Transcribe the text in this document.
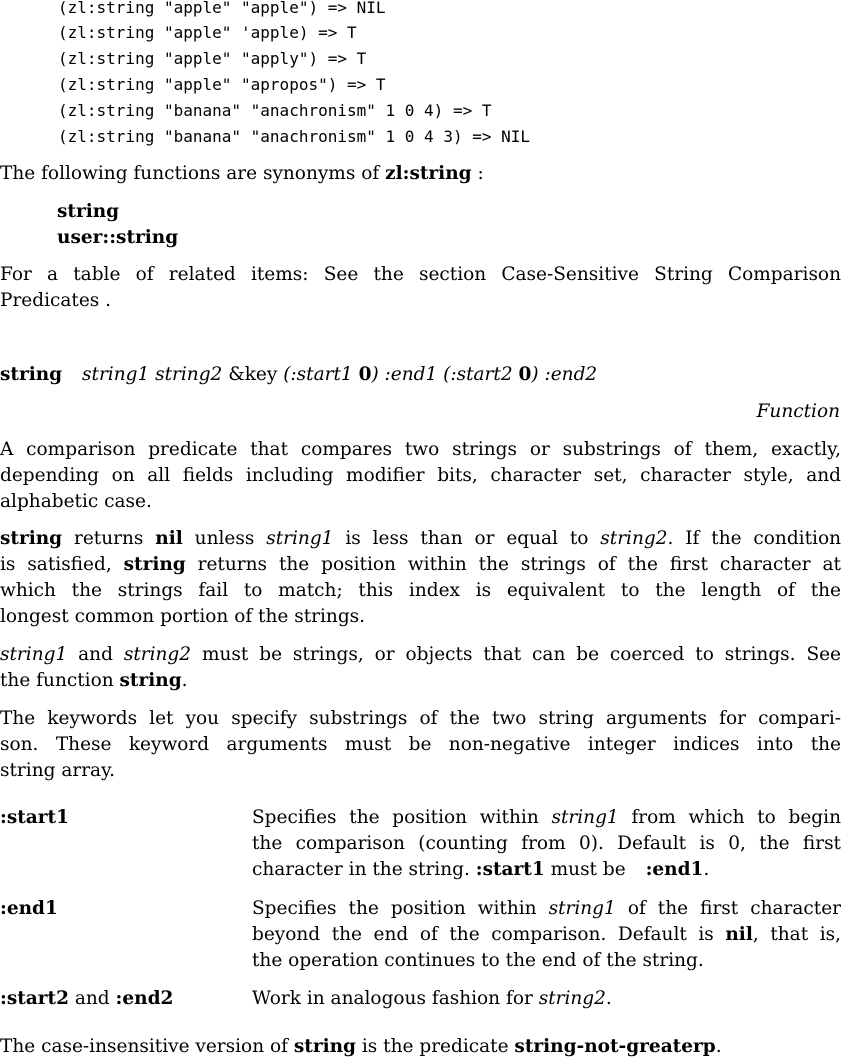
(zl:string "apple" "apple") => NIL
(zl:string "apple" 'apple) => T
(zl:string "apple" "apply") => T
(zl:string "apple" "apropos") => T
(zl:string "banana" "anachronism" 1 0 4) => T
(zl:string "banana" "anachronism" 1 0 4 3) => NIL
The following functions are synonyms of zl:string :
string
user::string
For a table of related items: See the section Case-Sensitive String Comparison
Predicates .
string string1 string2 &key (:start1 0) :end1 (:start2 0) :end2
Function
A comparison predicate that compares two strings or substrings of them, exactly,
depending on all fields including modifier bits, character set, character style, and
alphabetic case.
string returns nil unless string1 is less than or equal to string2. If the condition
is satisfied, string returns the position within the strings of the first character at
which the strings fail to match; this index is equivalent to the length of the
longest common portion of the strings.
string1 and string2 must be strings, or objects that can be coerced to strings. See
the function string.
The keywords let you specify substrings of the two string arguments for compari-
son. These keyword arguments must be non-negative integer indices into the
string array.
:start1	Specifies the position within string1 from which to begin
the comparison (counting from 0). Default is 0, the first
character in the string. :start1 must be :end1.
:end1	Specifies the position within string1 of the first character
beyond the end of the comparison. Default is nil, that is,
the operation continues to the end of the string.
:start2 and :end2	Work in analogous fashion for string2.
The case-insensitive version of string is the predicate string-not-greaterp.
